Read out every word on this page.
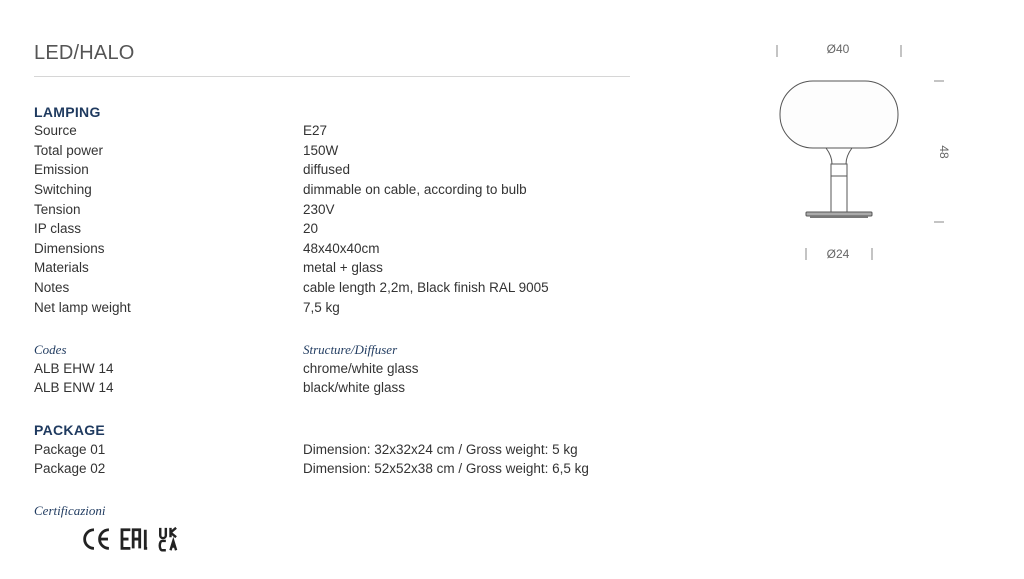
LED/HALO
LAMPING
Source	E27
Total power	150W
Emission	diffused
Switching	dimmable on cable, according to bulb
Tension	230V
IP class	20
Dimensions	48x40x40cm
Materials	metal + glass
Notes	cable length 2,2m, Black finish RAL 9005
Net lamp weight	7,5 kg
Codes	Structure/Diffuser
ALB EHW 14	chrome/white glass
ALB ENW 14	black/white glass
PACKAGE
Package 01	Dimension: 32x32x24 cm / Gross weight: 5 kg
Package 02	Dimension: 52x52x38 cm / Gross weight: 6,5 kg
Certificazioni
Ø40
48
Ø24
